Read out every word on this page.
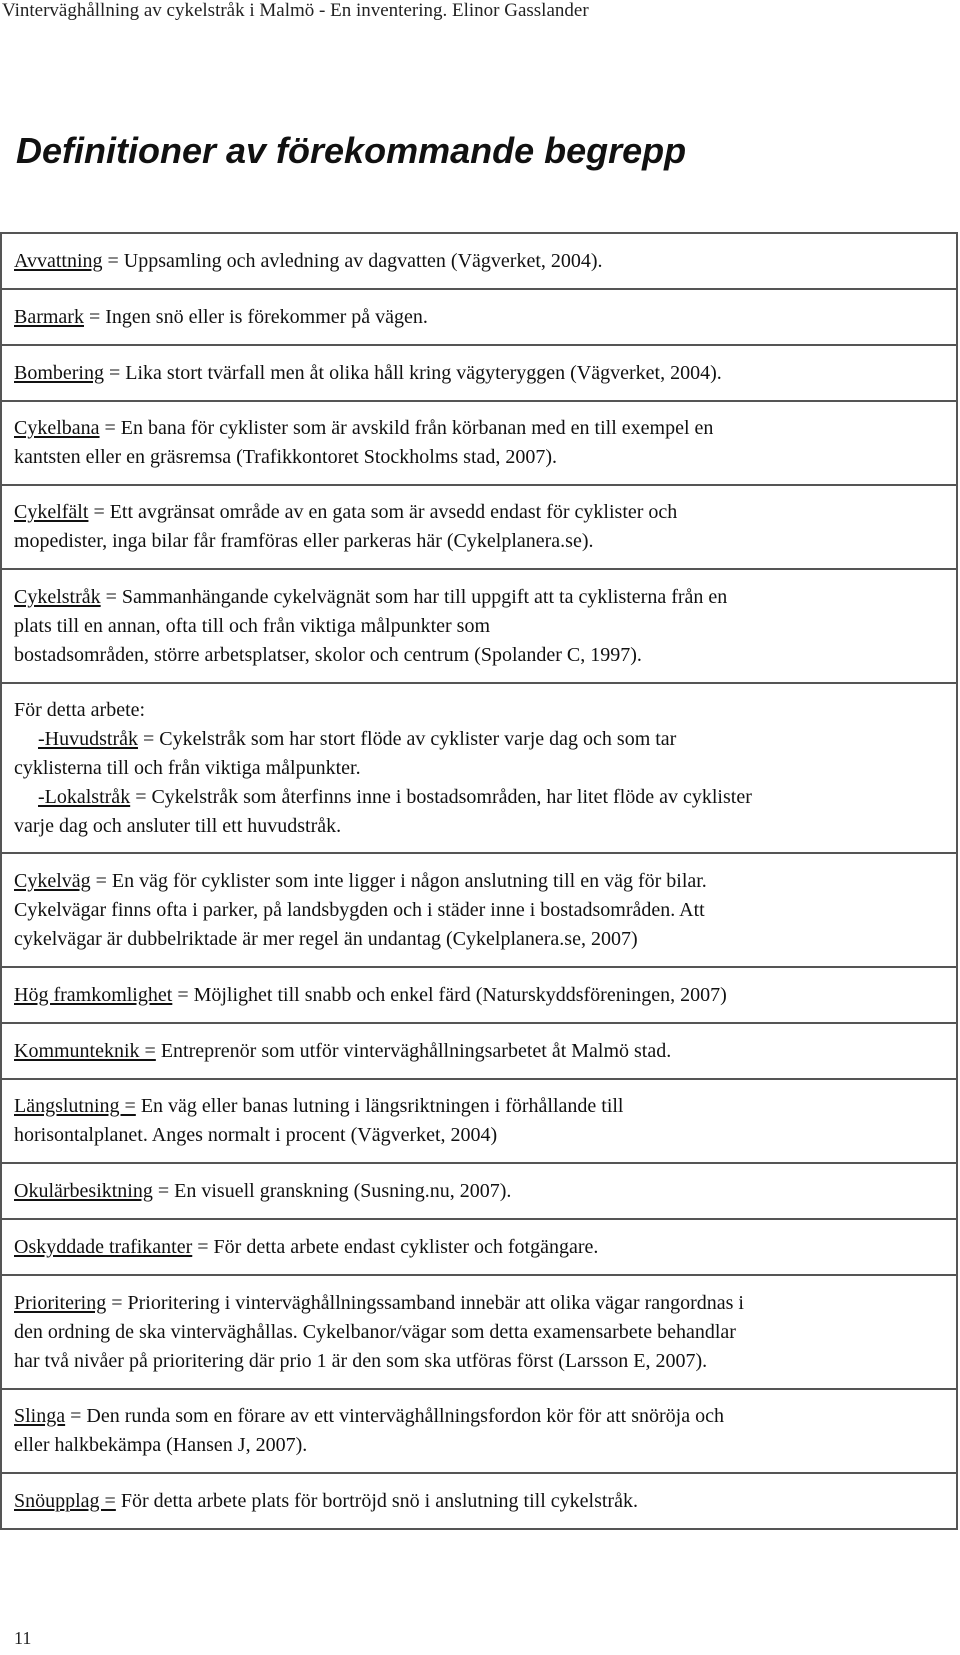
Vinterväghållning av cykelstråk i Malmö - En inventering. Elinor Gasslander
Definitioner av förekommande begrepp
Avvattning = Uppsamling och avledning av dagvatten (Vägverket, 2004).
Barmark = Ingen snö eller is förekommer på vägen.
Bombering = Lika stort tvärfall men åt olika håll kring vägyteryggen (Vägverket, 2004).
Cykelbana = En bana för cyklister som är avskild från körbanan med en till exempel en
kantsten eller en gräsremsa (Trafikkontoret Stockholms stad, 2007).
Cykelfält = Ett avgränsat område av en gata som är avsedd endast för cyklister och
mopedister, inga bilar får framföras eller parkeras här (Cykelplanera.se).
Cykelstråk = Sammanhängande cykelvägnät som har till uppgift att ta cyklisterna från en
plats till en annan, ofta till och från viktiga målpunkter som
bostadsområden, större arbetsplatser, skolor och centrum (Spolander C, 1997).
För detta arbete:
-Huvudstråk = Cykelstråk som har stort flöde av cyklister varje dag och som tar
cyklisterna till och från viktiga målpunkter.
-Lokalstråk = Cykelstråk som återfinns inne i bostadsområden, har litet flöde av cyklister
varje dag och ansluter till ett huvudstråk.
Cykelväg = En väg för cyklister som inte ligger i någon anslutning till en väg för bilar.
Cykelvägar finns ofta i parker, på landsbygden och i städer inne i bostadsområden. Att
cykelvägar är dubbelriktade är mer regel än undantag (Cykelplanera.se, 2007)
Hög framkomlighet = Möjlighet till snabb och enkel färd (Naturskyddsföreningen, 2007)
Kommunteknik = Entreprenör som utför vinterväghållningsarbetet åt Malmö stad.
Längslutning = En väg eller banas lutning i längsriktningen i förhållande till
horisontalplanet. Anges normalt i procent (Vägverket, 2004)
Okulärbesiktning = En visuell granskning (Susning.nu, 2007).
Oskyddade trafikanter = För detta arbete endast cyklister och fotgängare.
Prioritering = Prioritering i vinterväghållningssamband innebär att olika vägar rangordnas i
den ordning de ska vinterväghållas. Cykelbanor/vägar som detta examensarbete behandlar
har två nivåer på prioritering där prio 1 är den som ska utföras först (Larsson E, 2007).
Slinga = Den runda som en förare av ett vinterväghållningsfordon kör för att snöröja och
eller halkbekämpa (Hansen J, 2007).
Snöupplag = För detta arbete plats för bortröjd snö i anslutning till cykelstråk.
11
